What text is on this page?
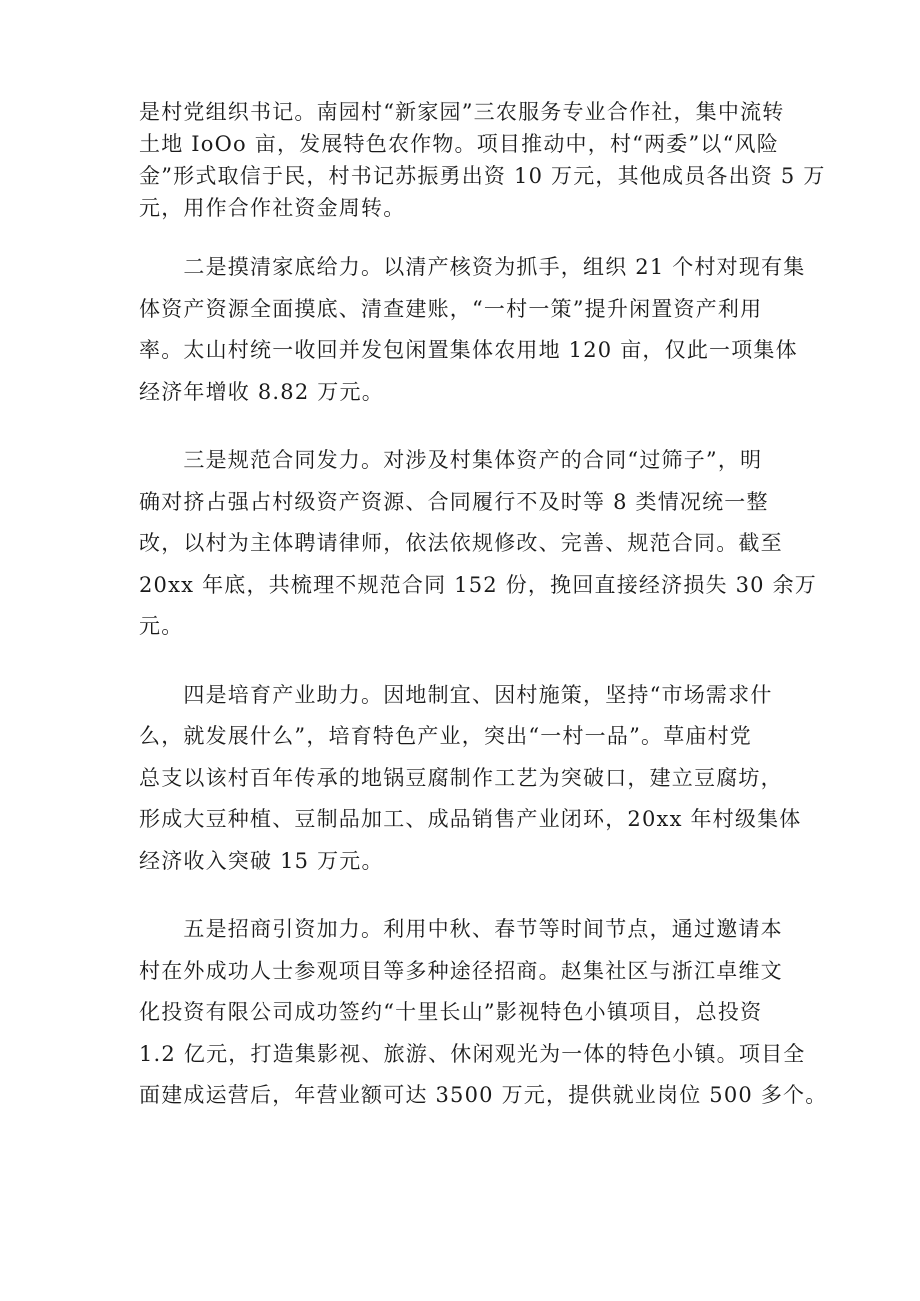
是村党组织书记。南园村“新家园”三农服务专业合作社，集中流转
土地 IoOo 亩，发展特色农作物。项目推动中，村“两委”以“风险
金”形式取信于民，村书记苏振勇出资 10 万元，其他成员各出资 5 万
元，用作合作社资金周转。
　　二是摸清家底给力。以清产核资为抓手，组织 21 个村对现有集
体资产资源全面摸底、清查建账，“一村一策”提升闲置资产利用
率。太山村统一收回并发包闲置集体农用地 120 亩，仅此一项集体
经济年增收 8.82 万元。
　　三是规范合同发力。对涉及村集体资产的合同“过筛子”，明
确对挤占强占村级资产资源、合同履行不及时等 8 类情况统一整
改，以村为主体聘请律师，依法依规修改、完善、规范合同。截至
20xx 年底，共梳理不规范合同 152 份，挽回直接经济损失 30 余万
元。
　　四是培育产业助力。因地制宜、因村施策，坚持“市场需求什
么，就发展什么”，培育特色产业，突出“一村一品”。草庙村党
总支以该村百年传承的地锅豆腐制作工艺为突破口，建立豆腐坊，
形成大豆种植、豆制品加工、成品销售产业闭环，20xx 年村级集体
经济收入突破 15 万元。
　　五是招商引资加力。利用中秋、春节等时间节点，通过邀请本
村在外成功人士参观项目等多种途径招商。赵集社区与浙江卓维文
化投资有限公司成功签约“十里长山”影视特色小镇项目，总投资
1.2 亿元，打造集影视、旅游、休闲观光为一体的特色小镇。项目全
面建成运营后，年营业额可达 3500 万元，提供就业岗位 500 多个。
